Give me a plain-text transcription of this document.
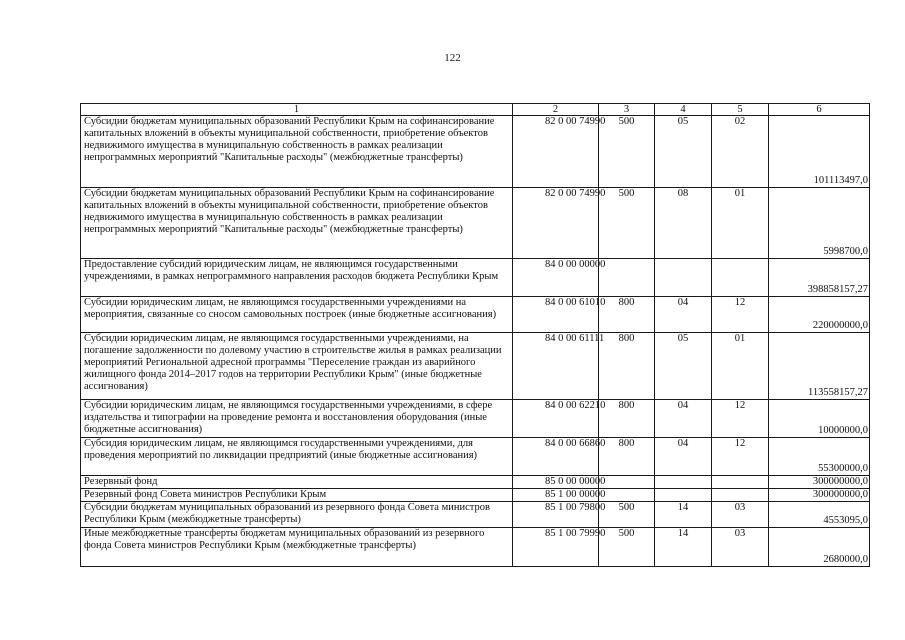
122
1	2	3	4	5	6
Субсидии бюджетам муниципальных образований Республики Крым на софинансирование капитальных вложений в объекты муниципальной собственности, приобретение объектов недвижимого имущества в муниципальную собственность в рамках реализации непрограммных мероприятий "Капитальные расходы" (межбюджетные трансферты)	82 0 00 74990	500	05	02	101113497,0
Субсидии бюджетам муниципальных образований Республики Крым на софинансирование капитальных вложений в объекты муниципальной собственности, приобретение объектов недвижимого имущества в муниципальную собственность в рамках реализации непрограммных мероприятий "Капитальные расходы" (межбюджетные трансферты)	82 0 00 74990	500	08	01	5998700,0
Предоставление субсидий юридическим лицам, не являющимся государственными учреждениями, в рамках непрограммного направления расходов бюджета Республики Крым	84 0 00 00000				398858157,27
Субсидии юридическим лицам, не являющимся государственными учреждениями на мероприятия, связанные со сносом самовольных построек (иные бюджетные ассигнования)	84 0 00 61010	800	04	12	220000000,0
Субсидии юридическим лицам, не являющимся государственными учреждениями, на погашение задолженности по долевому участию в строительстве жилья в рамках реализации мероприятий Региональной адресной программы "Переселение граждан из аварийного жилищного фонда 2014–2017 годов на территории Республики Крым" (иные бюджетные ассигнования)	84 0 00 61111	800	05	01	113558157,27
Субсидии юридическим лицам, не являющимся государственными учреждениями, в сфере издательства и типографии на проведение ремонта и восстановления оборудования (иные бюджетные ассигнования)	84 0 00 62210	800	04	12	10000000,0
Субсидия юридическим лицам, не являющимся государственными учреждениями, для проведения мероприятий по ликвидации предприятий (иные бюджетные ассигнования)	84 0 00 66860	800	04	12	55300000,0
Резервный фонд	85 0 00 00000				300000000,0
Резервный фонд Совета министров Республики Крым	85 1 00 00000				300000000,0
Субсидии бюджетам муниципальных образований из резервного фонда Совета министров Республики Крым (межбюджетные трансферты)	85 1 00 79800	500	14	03	4553095,0
Иные межбюджетные трансферты бюджетам муниципальных образований из резервного фонда Совета министров Республики Крым (межбюджетные трансферты)	85 1 00 79990	500	14	03	2680000,0
